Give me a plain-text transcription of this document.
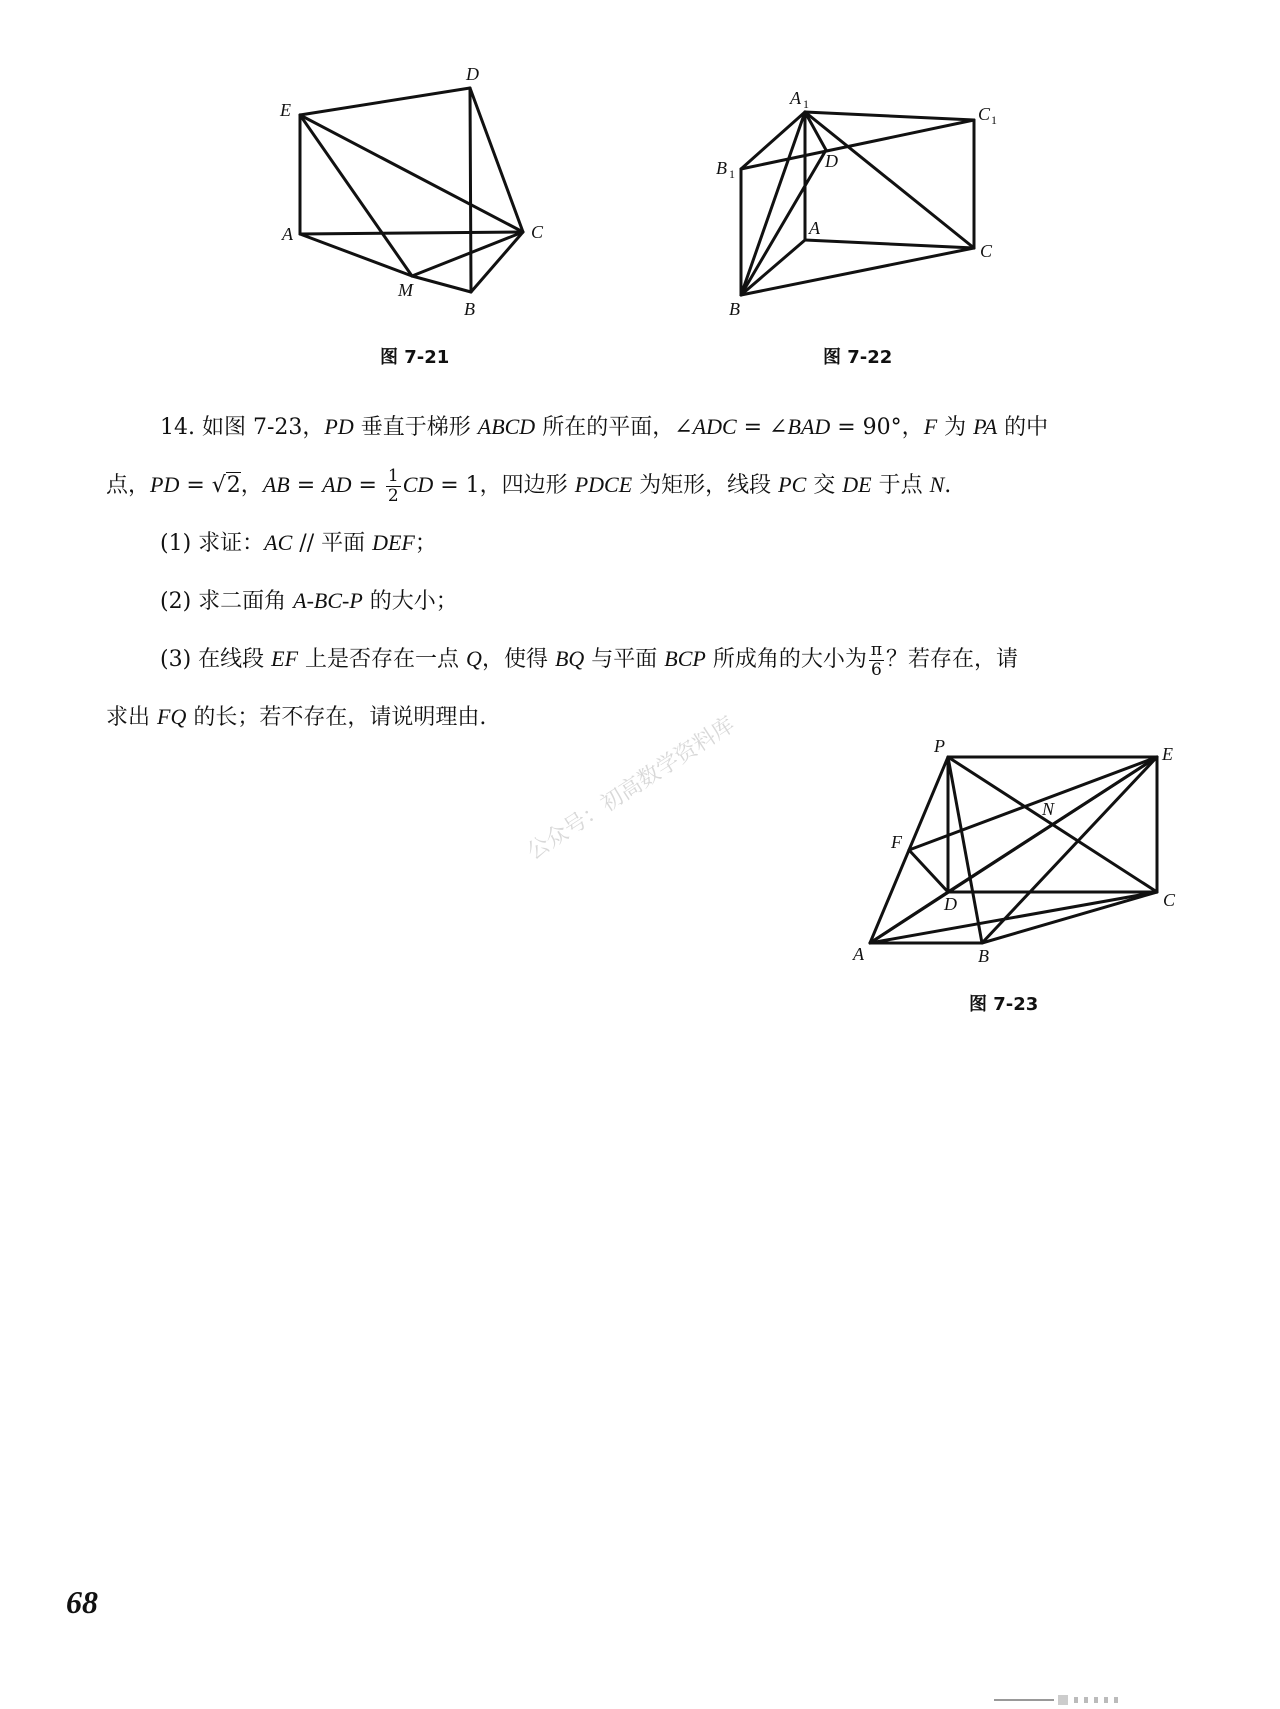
D
E
A	C
M
B
图 7-21
A 1	C 1
B 1
D
A
C
B
图 7-22

14. 如图 7-23，PD 垂直于梯形 ABCD 所在的平面，∠ADC = ∠BAD = 90°，F 为 PA 的中

点，PD = √2，AB = AD = $\frac{1}{2}$ CD = 1，四边形 PDCE 为矩形，线段 PC 交 DE 于点 N.

(1) 求证：AC // 平面 DEF；

(2) 求二面角 A-BC-P 的大小；

(3) 在线段 EF 上是否存在一点 Q，使得 BQ 与平面 BCP 所成角的大小为 $\frac{\pi}{6}$ ？若存在，请

求出 FQ 的长；若不存在，请说明理由.

P	E
N
F
D	C
A	B
图 7-23
公众号：初高数学资料库
68
